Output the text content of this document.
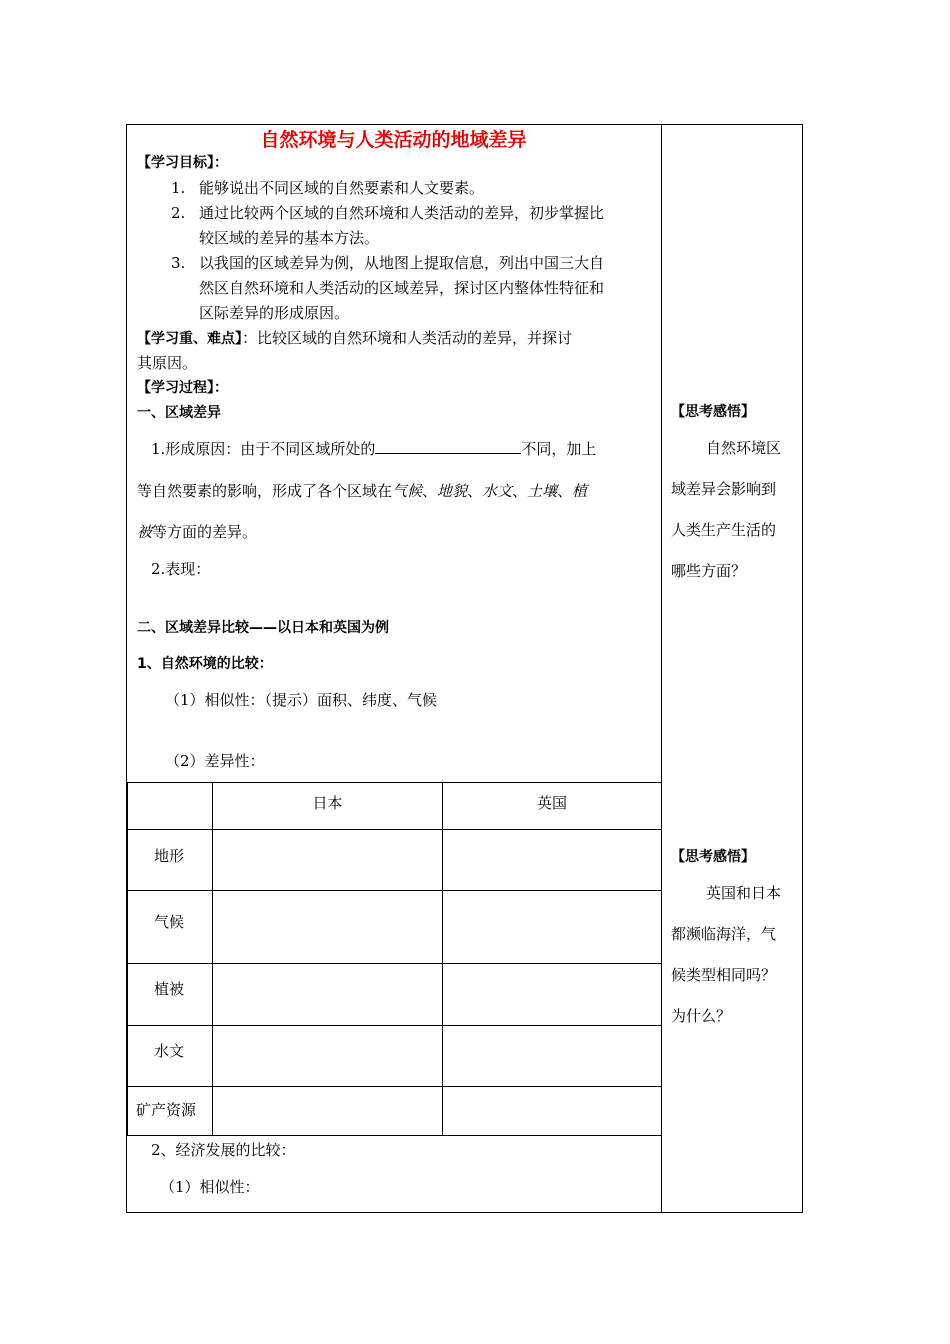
自然环境与人类活动的地域差异
【学习目标】：
1. 能够说出不同区域的自然要素和人文要素。
2. 通过比较两个区域的自然环境和人类活动的差异，初步掌握比
较区域的差异的基本方法。
3. 以我国的区域差异为例，从地图上提取信息，列出中国三大自
然区自然环境和人类活动的区域差异，探讨区内整体性特征和
区际差异的形成原因。
【学习重、难点】：比较区域的自然环境和人类活动的差异，并探讨
其原因。
【学习过程】：
一、区域差异
1.形成原因：由于不同区域所处的	不同，加上
等自然要素的影响，形成了各个区域在气候、地貌、水文、土壤、植
被等方面的差异。
2.表现：
二、区域差异比较——以日本和英国为例
1、自然环境的比较：
（1）相似性：（提示）面积、纬度、气候
（2）差异性：
	日本	英国
地形		
气候		
植被		
水文		
矿产资源		
2、经济发展的比较：
（1）相似性：
【思考感悟】
自然环境区
域差异会影响到
人类生产生活的
哪些方面？
【思考感悟】
英国和日本
都濒临海洋，气
候类型相同吗？
为什么？
